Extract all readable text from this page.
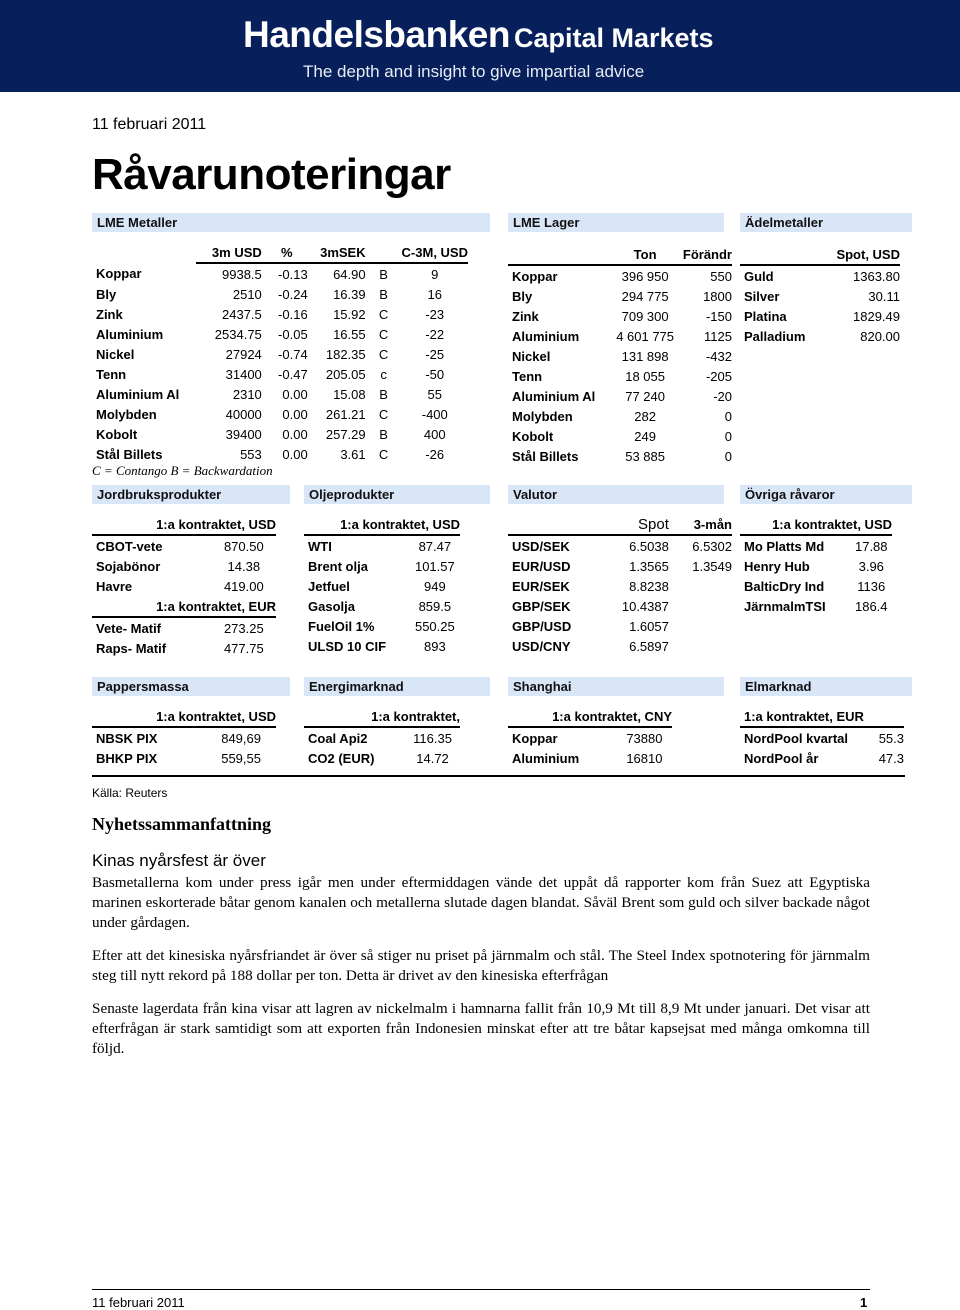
Handelsbanken Capital Markets
The depth and insight to give impartial advice
11 februari 2011
Råvarunoteringar
LME Metaller
	3m USD	%	3mSEK		C-3M, USD
Koppar	9938.5	-0.13	64.90	B	9
Bly	2510	-0.24	16.39	B	16
Zink	2437.5	-0.16	15.92	C	-23
Aluminium	2534.75	-0.05	16.55	C	-22
Nickel	27924	-0.74	182.35	C	-25
Tenn	31400	-0.47	205.05	c	-50
Aluminium Al	2310	0.00	15.08	B	55
Molybden	40000	0.00	261.21	C	-400
Kobolt	39400	0.00	257.29	B	400
Stål Billets	553	0.00	3.61	C	-26
C = Contango B = Backwardation
LME Lager
	Ton	Förändr
Koppar	396 950	550
Bly	294 775	1800
Zink	709 300	-150
Aluminium	4 601 775	1125
Nickel	131 898	-432
Tenn	18 055	-205
Aluminium Al	77 240	-20
Molybden	282	0
Kobolt	249	0
Stål Billets	53 885	0
Ädelmetaller
	Spot, USD
Guld	1363.80
Silver	30.11
Platina	1829.49
Palladium	820.00
Jordbruksprodukter
1:a kontraktet, USD	
CBOT-vete	870.50
Sojabönor	14.38
Havre	419.00
1:a kontraktet, EUR	
Vete- Matif	273.25
Raps- Matif	477.75
Oljeprodukter
1:a kontraktet, USD	
WTI	87.47
Brent olja	101.57
Jetfuel	949
Gasolja	859.5
FuelOil 1%	550.25
ULSD 10 CIF	893
Valutor
	Spot	3-mån
USD/SEK	6.5038	6.5302
EUR/USD	1.3565	1.3549
EUR/SEK	8.8238	
GBP/SEK	10.4387	
GBP/USD	1.6057	
USD/CNY	6.5897	
Övriga råvaror
1:a kontraktet, USD	
Mo Platts Md	17.88
Henry Hub	3.96
BalticDry Ind	1136
JärnmalmTSI	186.4
Pappersmassa
1:a kontraktet, USD	
NBSK PIX	849,69
BHKP PIX	559,55
Energimarknad
1:a kontraktet,	
Coal Api2	116.35
CO2 (EUR)	14.72
Shanghai
1:a kontraktet, CNY	
Koppar	73880
Aluminium	16810
Elmarknad
1:a kontraktet, EUR	
NordPool kvartal	55.3
NordPool år	47.3
Källa: Reuters
Nyhetssammanfattning
Kinas nyårsfest är över
Basmetallerna kom under press igår men under eftermiddagen vände det uppåt då rapporter kom från Suez att Egyptiska marinen eskorterade båtar genom kanalen och metallerna slutade dagen blandat. Såväl Brent som guld och silver backade något under gårdagen.
Efter att det kinesiska nyårsfriandet är över så stiger nu priset på järnmalm och stål. The Steel Index spotnotering för järnmalm steg till nytt rekord på 188 dollar per ton. Detta är drivet av den kinesiska efterfrågan
Senaste lagerdata från kina visar att lagren av nickelmalm i hamnarna fallit från 10,9 Mt till 8,9 Mt under januari. Det visar att efterfrågan är stark samtidigt som att exporten från Indonesien minskat efter att tre båtar kapsejsat med många omkomna till följd.
11 februari 2011	1
